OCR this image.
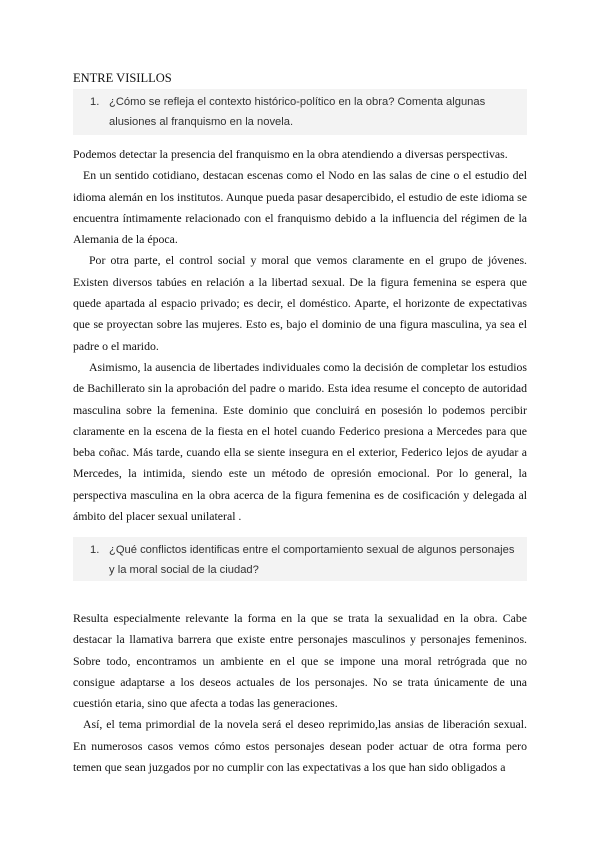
ENTRE VISILLOS
1. ¿Cómo se refleja el contexto histórico-político en la obra? Comenta algunas alusiones al franquismo en la novela.

Podemos detectar la presencia del franquismo en la obra atendiendo a diversas perspectivas.

En un sentido cotidiano, destacan escenas como el Nodo en las salas de cine o el estudio del idioma alemán en los institutos. Aunque pueda pasar desapercibido, el estudio de este idioma se encuentra íntimamente relacionado con el franquismo debido a la influencia del régimen de la Alemania de la época.

Por otra parte, el control social y moral que vemos claramente en el grupo de jóvenes. Existen diversos tabúes en relación a la libertad sexual. De la figura femenina se espera que quede apartada al espacio privado; es decir, el doméstico. Aparte, el horizonte de expectativas que se proyectan sobre las mujeres. Esto es, bajo el dominio de una figura masculina, ya sea el padre o el marido.

Asimismo, la ausencia de libertades individuales como la decisión de completar los estudios de Bachillerato sin la aprobación del padre o marido. Esta idea resume el concepto de autoridad masculina sobre la femenina. Este dominio que concluirá en posesión lo podemos percibir claramente en la escena de la fiesta en el hotel cuando Federico presiona a Mercedes para que beba coñac. Más tarde, cuando ella se siente insegura en el exterior, Federico lejos de ayudar a Mercedes, la intimida, siendo este un método de opresión emocional. Por lo general, la perspectiva masculina en la obra acerca de la figura femenina es de cosificación y delegada al ámbito del placer sexual unilateral .

1. ¿Qué conflictos identificas entre el comportamiento sexual de algunos personajes y la moral social de la ciudad?

Resulta especialmente relevante la forma en la que se trata la sexualidad en la obra. Cabe destacar la llamativa barrera que existe entre personajes masculinos y personajes femeninos. Sobre todo, encontramos un ambiente en el que se impone una moral retrógrada que no consigue adaptarse a los deseos actuales de los personajes. No se trata únicamente de una cuestión etaria, sino que afecta a todas las generaciones.

Así, el tema primordial de la novela será el deseo reprimido,las ansias de liberación sexual. En numerosos casos vemos cómo estos personajes desean poder actuar de otra forma pero temen que sean juzgados por no cumplir con las expectativas a los que han sido obligados a
